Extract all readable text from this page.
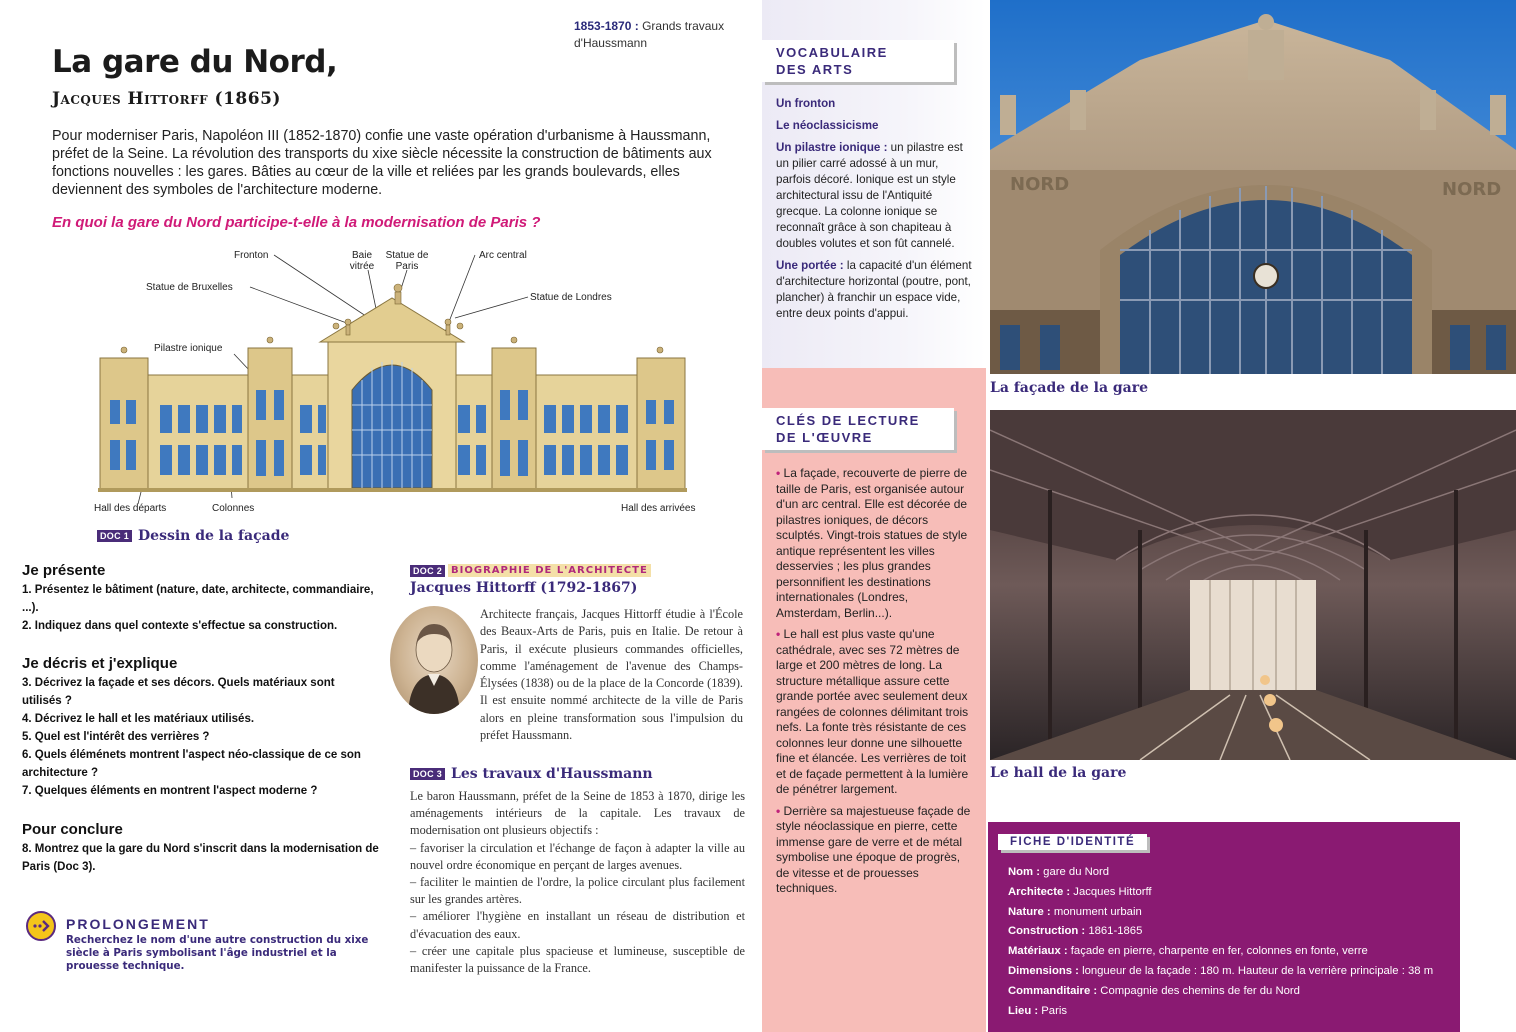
1853-1870 : Grands travaux d'Haussmann
La gare du Nord,
Jacques Hittorff (1865)

Pour moderniser Paris, Napoléon III (1852-1870) confie une vaste opération d'urbanisme à Haussmann, préfet de la Seine. La révolution des transports du xixe siècle nécessite la construction de bâtiments aux fonctions nouvelles : les gares. Bâties au cœur de la ville et reliées par les grands boulevards, elles deviennent des symboles de l'architecture moderne.

En quoi la gare du Nord participe-t-elle à la modernisation de Paris ?

Fronton	Baie vitrée
Statue de Paris
Arc central
Statue de Bruxelles
Statue de Londres
Pilastre ionique
Hall des départs	Colonnes	Hall des arrivées
DOC 1 Dessin de la façade
Je présente
1. Présentez le bâtiment (nature, date, architecte, commandiaire, ...).
2. Indiquez dans quel contexte s'effectue sa construction.
Je décris et j'explique
3. Décrivez la façade et ses décors. Quels matériaux sont utilisés ?
4. Décrivez le hall et les matériaux utilisés.
5. Quel est l'intérêt des verrières ?
6. Quels éléménets montrent l'aspect néo-classique de ce son architecture ?
7. Quelques éléments en montrent l'aspect moderne ?
Pour conclure
8. Montrez que la gare du Nord s'inscrit dans la modernisation de Paris (Doc 3).
PROLONGEMENT
Recherchez le nom d'une autre construction du xixe siècle à Paris symbolisant l'âge industriel et la prouesse technique.
DOC 2 BIOGRAPHIE DE L'ARCHITECTE
Jacques Hittorff (1792-1867)
Architecte français, Jacques Hittorff étudie à l'École des Beaux-Arts de Paris, puis en Italie. De retour à Paris, il exécute plusieurs commandes officielles, comme l'aménagement de l'avenue des Champs-Élysées (1838) ou de la place de la Concorde (1839). Il est ensuite nommé architecte de la ville de Paris alors en pleine transformation sous l'impulsion du préfet Haussmann.
DOC 3 Les travaux d'Haussmann

Le baron Haussmann, préfet de la Seine de 1853 à 1870, dirige les aménagements intérieurs de la capitale. Les travaux de modernisation ont plusieurs objectifs :

– favoriser la circulation et l'échange de façon à adapter la ville au nouvel ordre économique en perçant de larges avenues.

– faciliter le maintien de l'ordre, la police circulant plus facilement sur les grandes artères.

– améliorer l'hygiène en installant un réseau de distribution et d'évacuation des eaux.

– créer une capitale plus spacieuse et lumineuse, susceptible de manifester la puissance de la France.

VOCABULAIRE
DES ARTS
Un fronton
Le néoclassicisme
Un pilastre ionique : un pilastre est un pilier carré adossé à un mur, parfois décoré. Ionique est un style architectural issu de l'Antiquité grecque. La colonne ionique se reconnaît grâce à son chapiteau à doubles volutes et son fût cannelé.
Une portée : la capacité d'un élément d'architecture horizontal (poutre, pont, plancher) à franchir un espace vide, entre deux points d'appui.
CLÉS DE LECTURE
DE L'ŒUVRE
• La façade, recouverte de pierre de taille de Paris, est organisée autour d'un arc central. Elle est décorée de pilastres ioniques, de décors sculptés. Vingt-trois statues de style antique représentent les villes desservies ; les plus grandes personnifient les destinations internationales (Londres, Amsterdam, Berlin...).
• Le hall est plus vaste qu'une cathédrale, avec ses 72 mètres de large et 200 mètres de long. La structure métallique assure cette grande portée avec seulement deux rangées de colonnes délimitant trois nefs. La fonte très résistante de ces colonnes leur donne une silhouette fine et élancée. Les verrières de toit et de façade permettent à la lumière de pénétrer largement.
• Derrière sa majestueuse façade de style néoclassique en pierre, cette immense gare de verre et de métal symbolise une époque de progrès, de vitesse et de prouesses techniques.
NORD	NORD
La façade de la gare
Le hall de la gare
FICHE D'IDENTITÉ
Nom : gare du Nord
Architecte : Jacques Hittorff
Nature : monument urbain
Construction : 1861-1865
Matériaux : façade en pierre, charpente en fer, colonnes en fonte, verre
Dimensions : longueur de la façade : 180 m. Hauteur de la verrière principale : 38 m
Commanditaire : Compagnie des chemins de fer du Nord
Lieu : Paris
